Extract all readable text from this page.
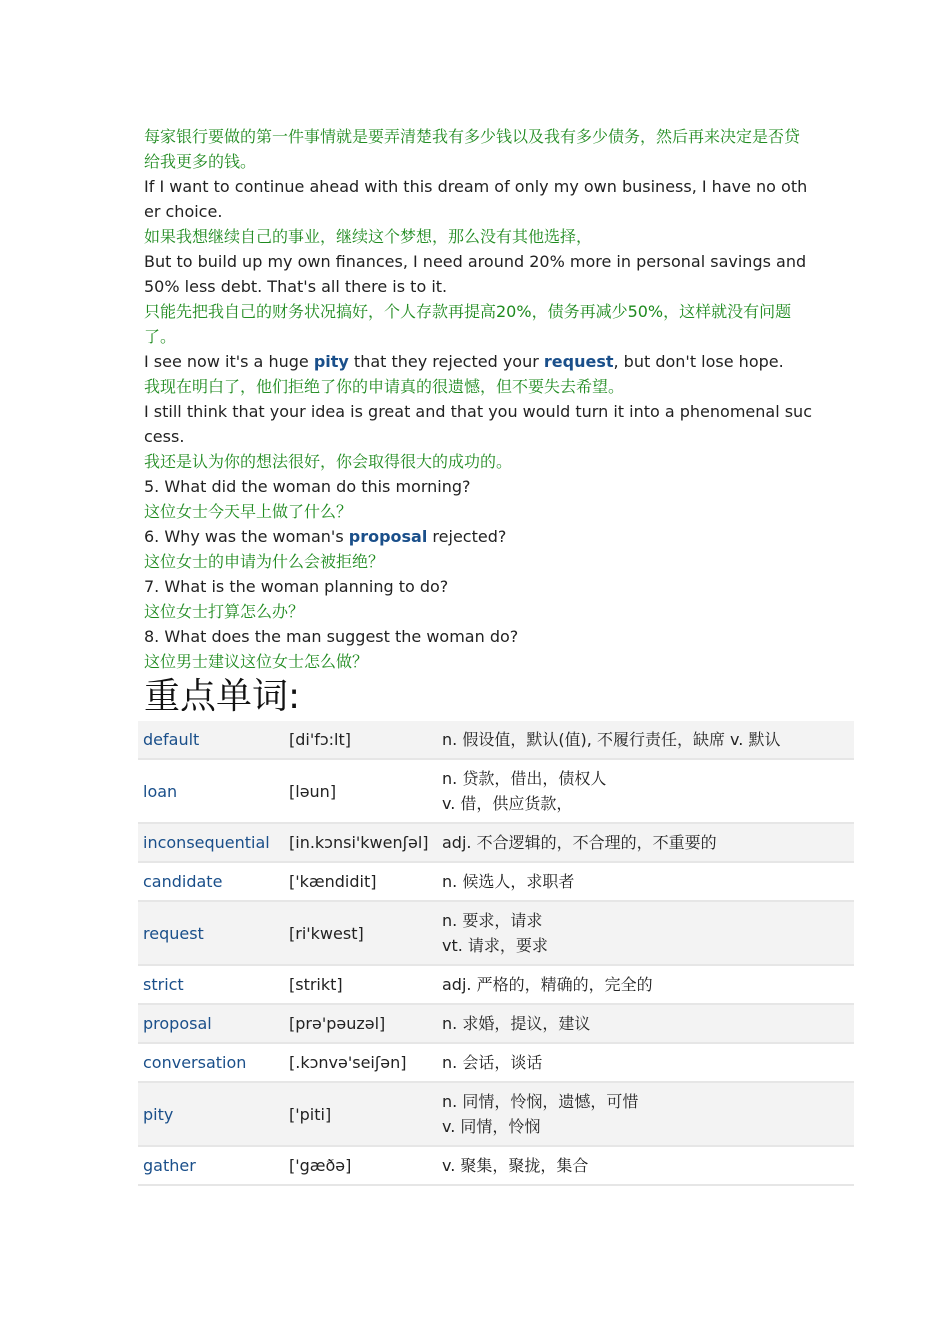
每家银行要做的第一件事情就是要弄清楚我有多少钱以及我有多少债务，然后再来决定是否贷给我更多的钱。

If I want to continue ahead with this dream of only my own business, I have no other choice.

如果我想继续自己的事业，继续这个梦想，那么没有其他选择，

But to build up my own finances, I need around 20% more in personal savings and 50% less debt. That's all there is to it.

只能先把我自己的财务状况搞好，个人存款再提高20%，债务再减少50%，这样就没有问题了。

I see now it's a huge pity that they rejected your request, but don't lose hope.

我现在明白了，他们拒绝了你的申请真的很遗憾，但不要失去希望。

I still think that your idea is great and that you would turn it into a phenomenal success.

我还是认为你的想法很好，你会取得很大的成功的。

5. What did the woman do this morning?

这位女士今天早上做了什么？

6. Why was the woman's proposal rejected?

这位女士的申请为什么会被拒绝？

7. What is the woman planning to do?

这位女士打算怎么办？

8. What does the man suggest the woman do?

这位男士建议这位女士怎么做？

重点单词:
default	[di'fɔ:lt]	n. 假设值，默认(值), 不履行责任，缺席 v. 默认

loan	[ləun]	n. 贷款，借出，债权人
v. 借，供应货款，

inconsequential	[in.kɔnsi'kwenʃəl]	adj. 不合逻辑的，不合理的，不重要的

candidate	['kændidit]	n. 候选人，求职者

request	[ri'kwest]	n. 要求，请求
vt. 请求，要求

strict	[strikt]	adj. 严格的，精确的，完全的

proposal	[prə'pəuzəl]	n. 求婚，提议，建议

conversation	[.kɔnvə'seiʃən]	n. 会话，谈话

pity	['piti]	n. 同情，怜悯，遗憾，可惜
v. 同情，怜悯

gather	['gæðə]	v. 聚集，聚拢，集合
